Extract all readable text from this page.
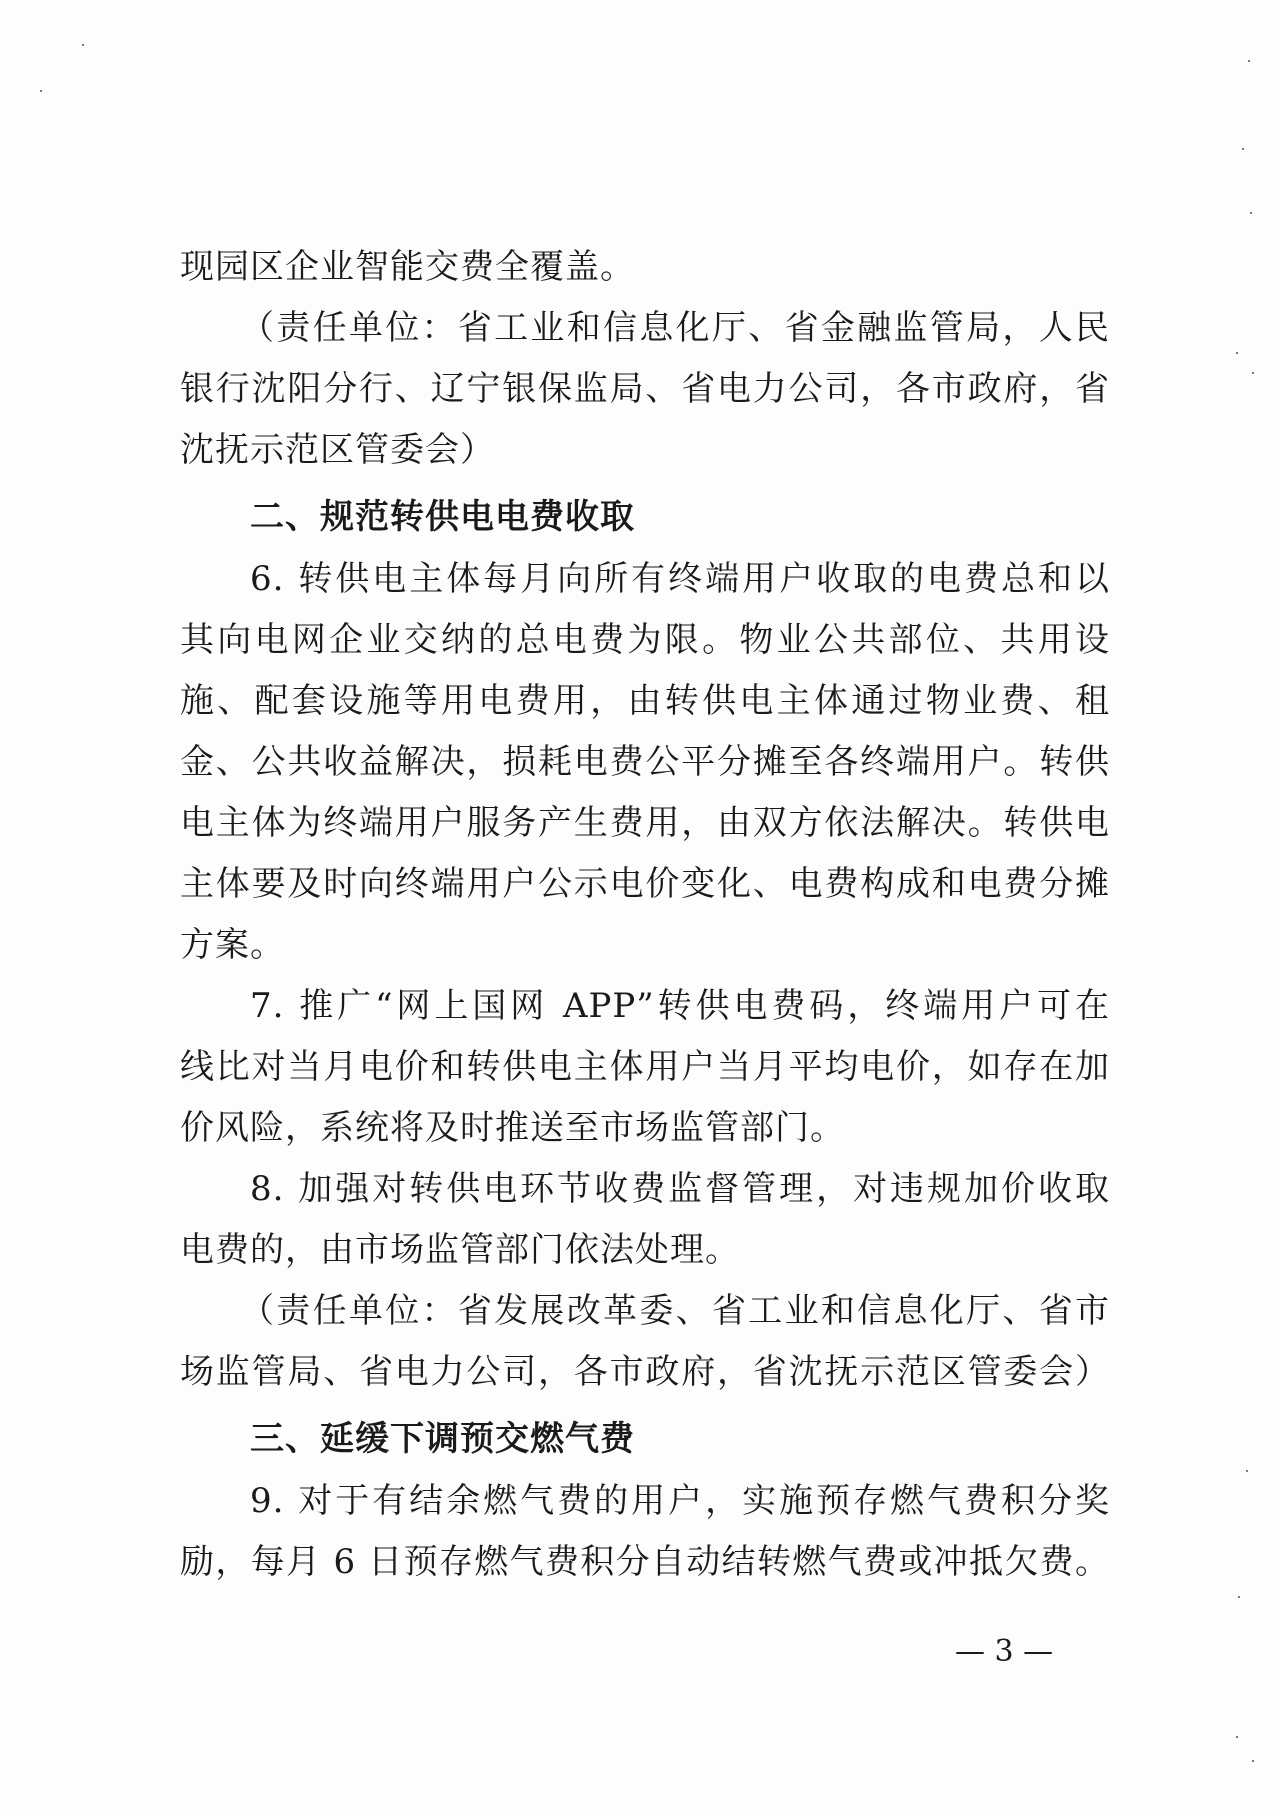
现园区企业智能交费全覆盖。
（责任单位：省工业和信息化厅、省金融监管局，人民
银行沈阳分行、辽宁银保监局、省电力公司，各市政府，省
沈抚示范区管委会）
二、规范转供电电费收取
6. 转供电主体每月向所有终端用户收取的电费总和以
其向电网企业交纳的总电费为限。物业公共部位、共用设
施、配套设施等用电费用，由转供电主体通过物业费、租
金、公共收益解决，损耗电费公平分摊至各终端用户。转供
电主体为终端用户服务产生费用，由双方依法解决。转供电
主体要及时向终端用户公示电价变化、电费构成和电费分摊
方案。
7. 推广“网上国网 APP”转供电费码，终端用户可在
线比对当月电价和转供电主体用户当月平均电价，如存在加
价风险，系统将及时推送至市场监管部门。
8. 加强对转供电环节收费监督管理，对违规加价收取
电费的，由市场监管部门依法处理。
（责任单位：省发展改革委、省工业和信息化厅、省市
场监管局、省电力公司，各市政府，省沈抚示范区管委会）
三、延缓下调预交燃气费
9. 对于有结余燃气费的用户，实施预存燃气费积分奖
励，每月 6 日预存燃气费积分自动结转燃气费或冲抵欠费。
— 3 —
